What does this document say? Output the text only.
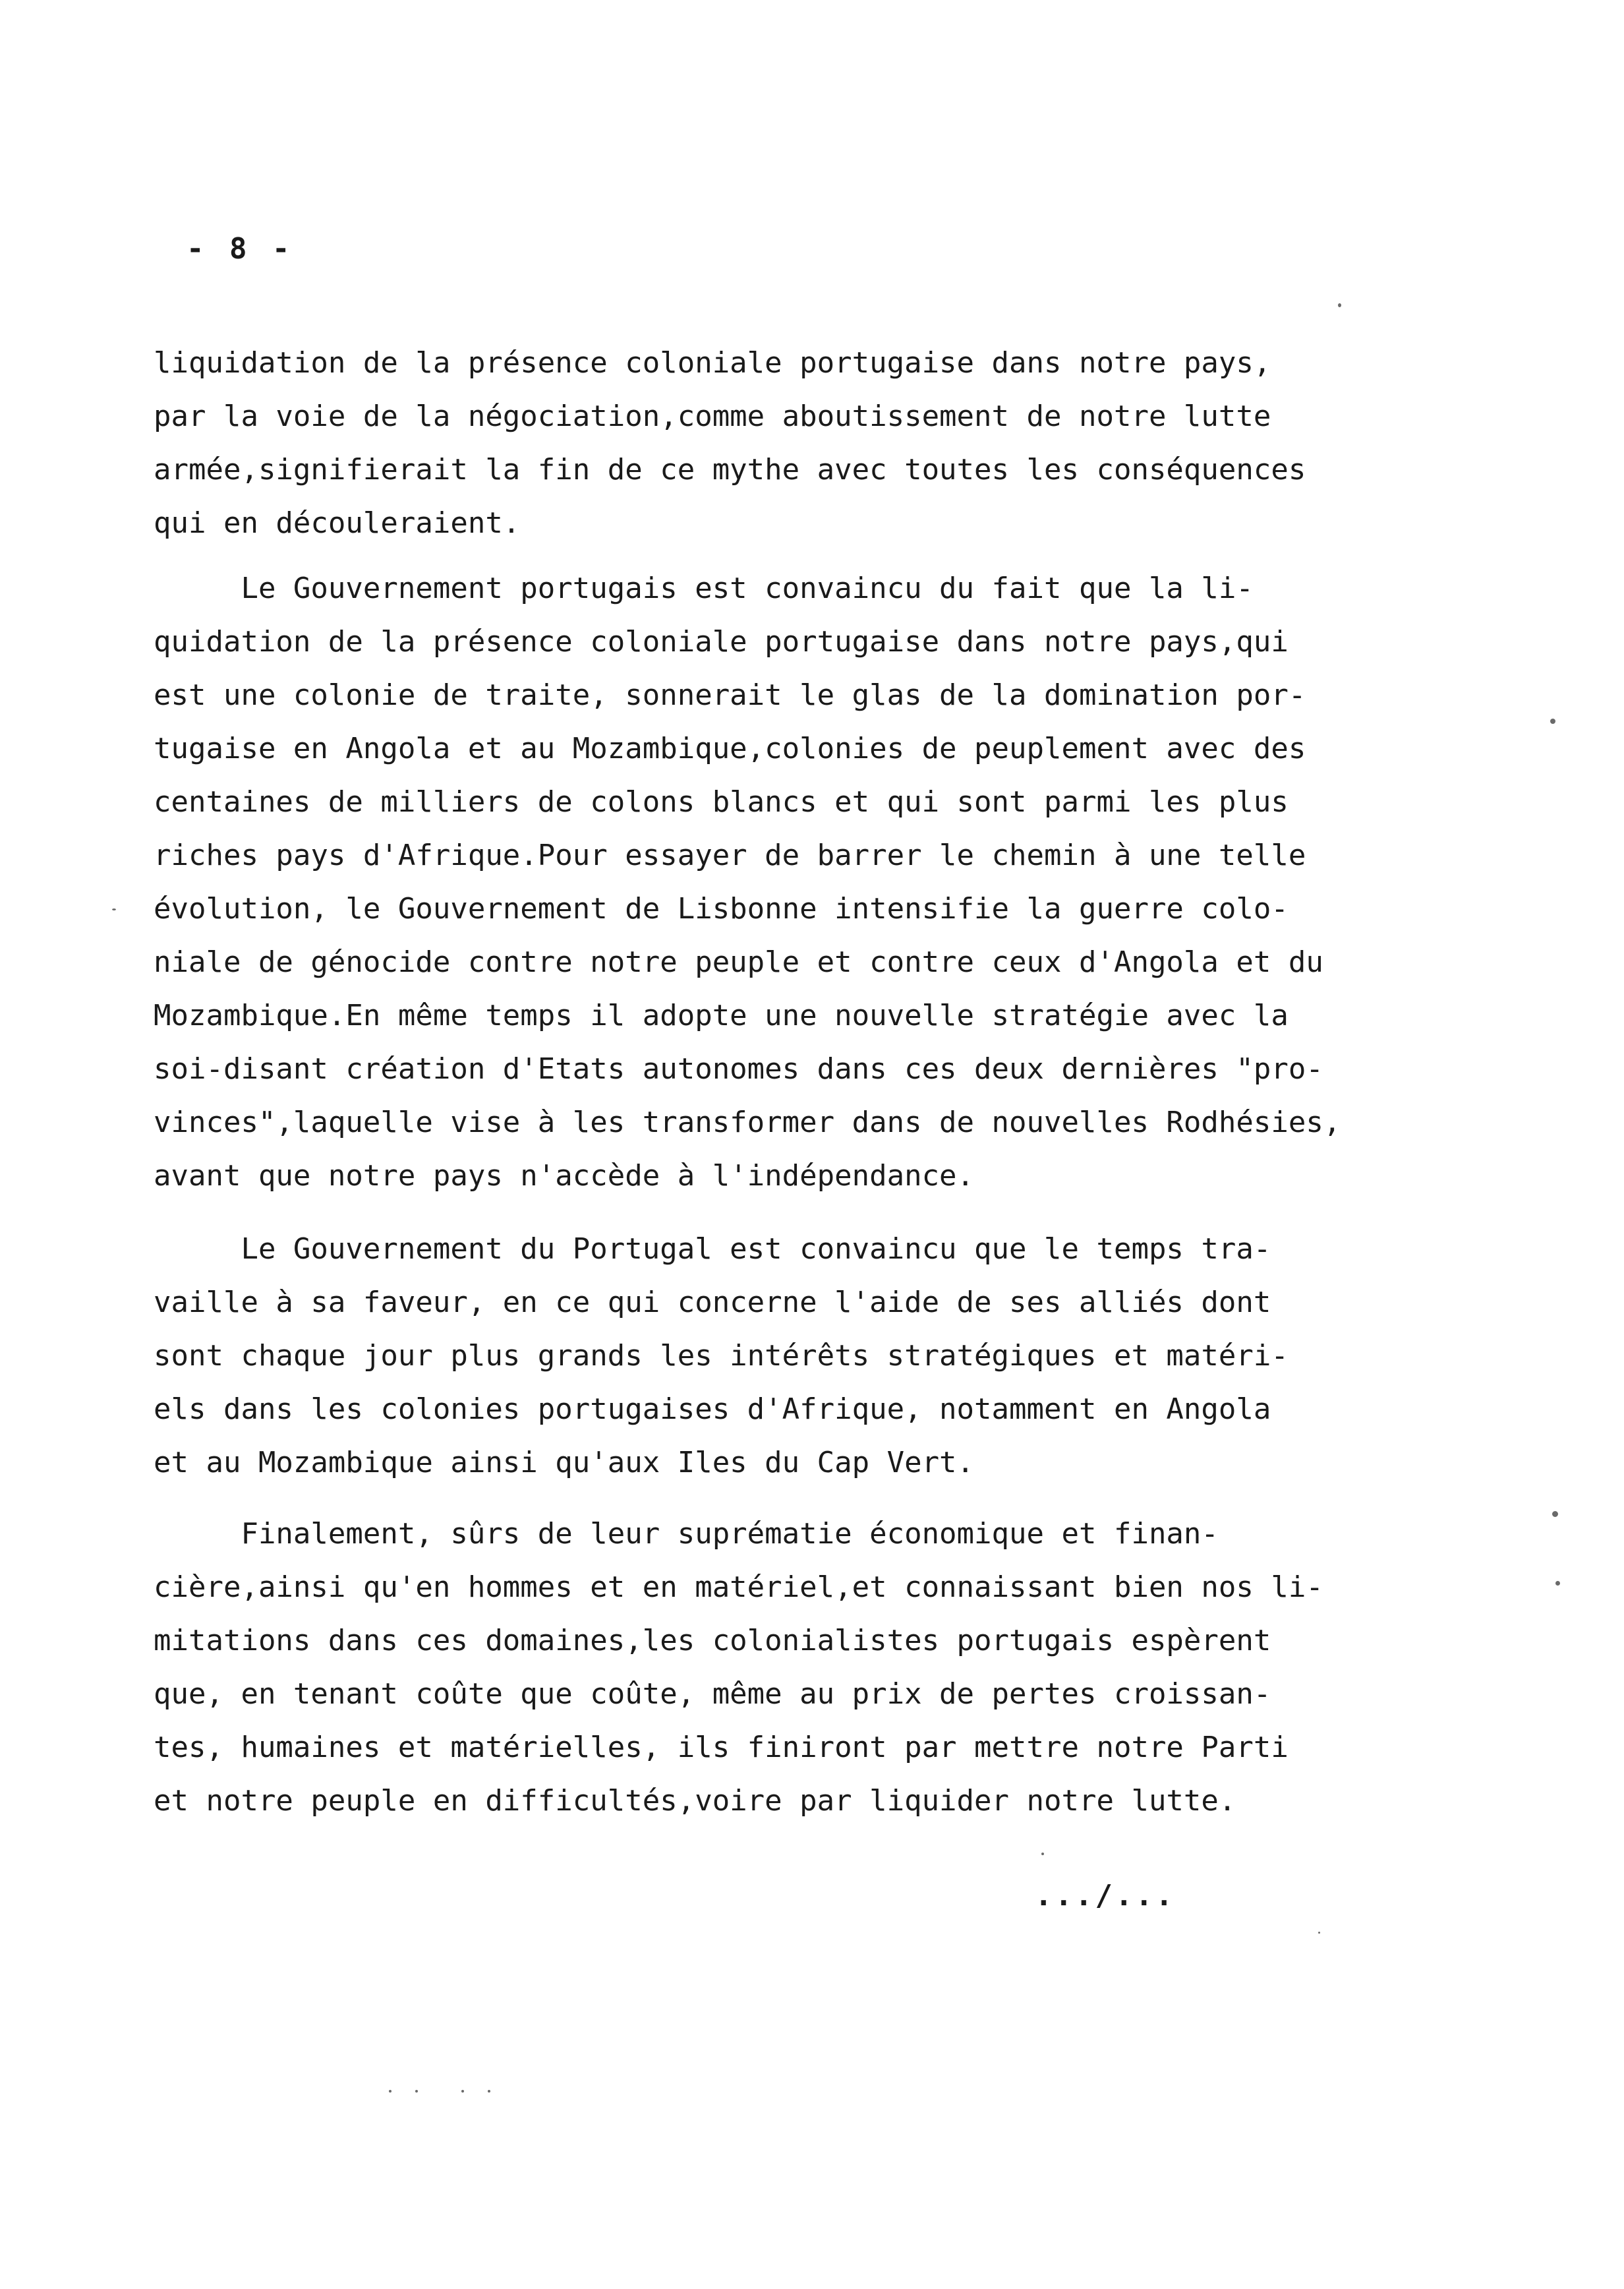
- 8 -
liquidation de la présence coloniale portugaise dans notre pays,
par la voie de la négociation,comme aboutissement de notre lutte
armée,signifierait la fin de ce mythe avec toutes les conséquences
qui en découleraient.
Le Gouvernement portugais est convaincu du fait que la li-
quidation de la présence coloniale portugaise dans notre pays,qui
est une colonie de traite, sonnerait le glas de la domination por-
tugaise en Angola et au Mozambique,colonies de peuplement avec des
centaines de milliers de colons blancs et qui sont parmi les plus
riches pays d'Afrique.Pour essayer de barrer le chemin à une telle
évolution, le Gouvernement de Lisbonne intensifie la guerre colo-
niale de génocide contre notre peuple et contre ceux d'Angola et du
Mozambique.En même temps il adopte une nouvelle stratégie avec la
soi-disant création d'Etats autonomes dans ces deux dernières "pro-
vinces",laquelle vise à les transformer dans de nouvelles Rodhésies,
avant que notre pays n'accède à l'indépendance.
Le Gouvernement du Portugal est convaincu que le temps tra-
vaille à sa faveur, en ce qui concerne l'aide de ses alliés dont
sont chaque jour plus grands les intérêts stratégiques et matéri-
els dans les colonies portugaises d'Afrique, notamment en Angola
et au Mozambique ainsi qu'aux Iles du Cap Vert.
Finalement, sûrs de leur suprématie économique et finan-
cière,ainsi qu'en hommes et en matériel,et connaissant bien nos li-
mitations dans ces domaines,les colonialistes portugais espèrent
que, en tenant coûte que coûte, même au prix de pertes croissan-
tes, humaines et matérielles, ils finiront par mettre notre Parti
et notre peuple en difficultés,voire par liquider notre lutte.
.../...
